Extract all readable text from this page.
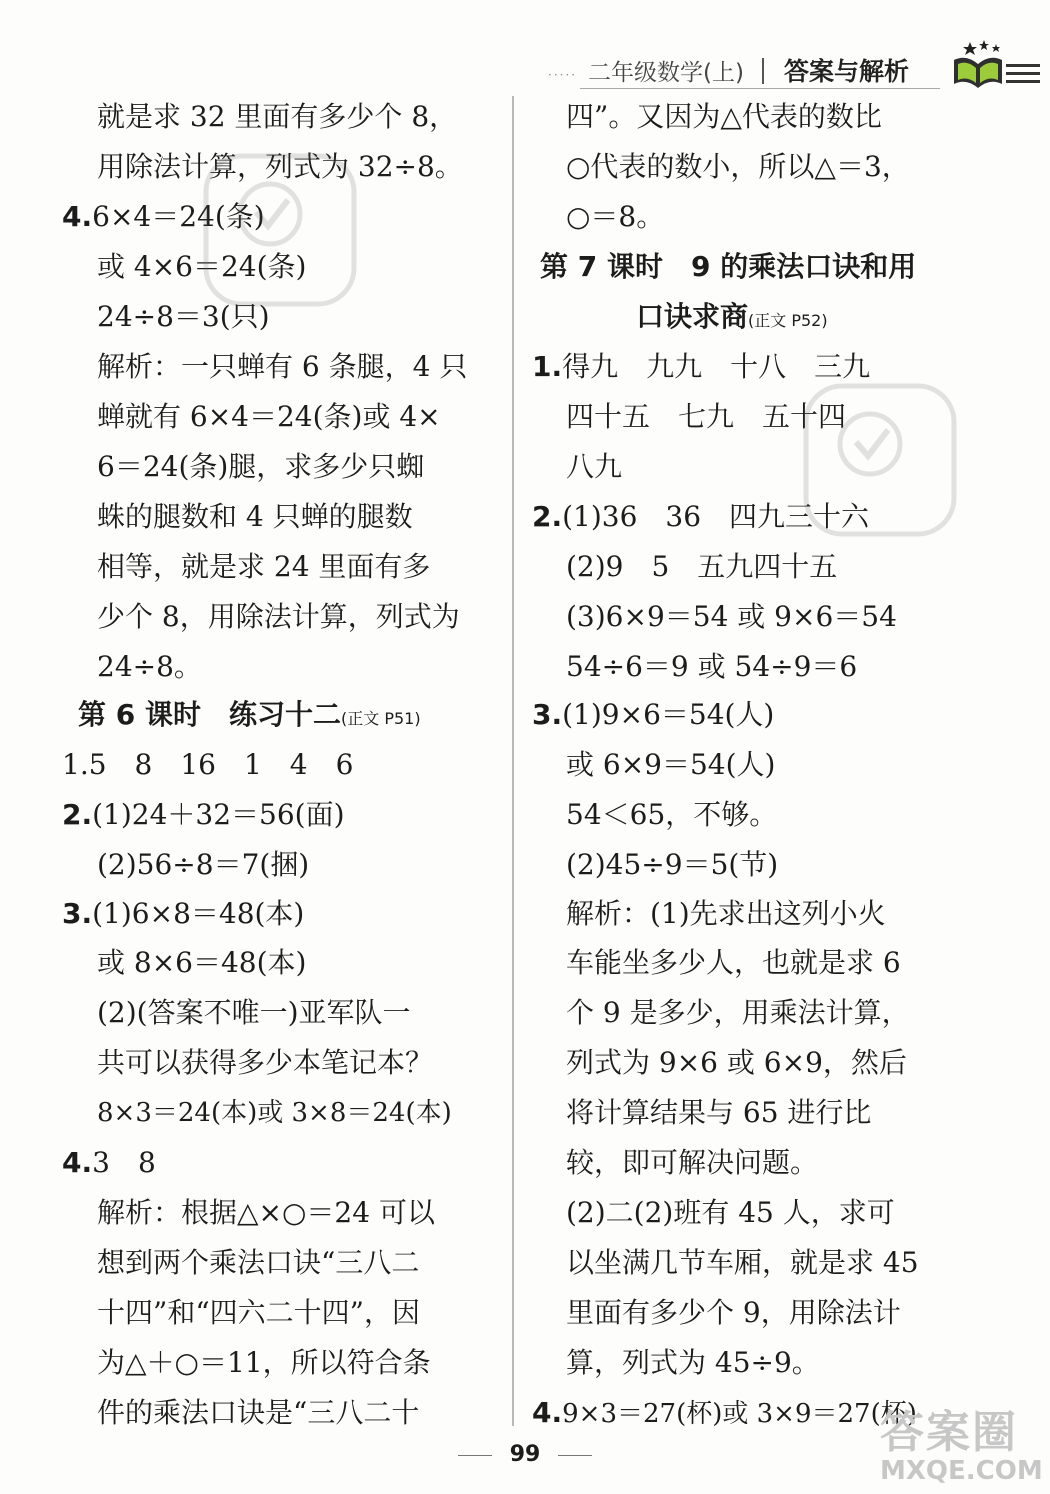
····· 二年级数学(上) 答案与解析
就是求 32 里面有多少个 8，
用除法计算，列式为 32÷8。
4.6×4＝24(条)
或 4×6＝24(条)
24÷8＝3(只)
解析：一只蝉有 6 条腿，4 只
蝉就有 6×4＝24(条)或 4×
6＝24(条)腿，求多少只蜘
蛛的腿数和 4 只蝉的腿数
相等，就是求 24 里面有多
少个 8，用除法计算，列式为
24÷8。
第 6 课时　练习十二(正文 P51)
1.5　8　16　1　4　6
2.(1)24＋32＝56(面)
(2)56÷8＝7(捆)
3.(1)6×8＝48(本)
或 8×6＝48(本)
(2)(答案不唯一)亚军队一
共可以获得多少本笔记本？
8×3＝24(本)或 3×8＝24(本)
4.3　8
解析：根据△×○＝24 可以
想到两个乘法口诀“三八二
十四”和“四六二十四”，因
为△＋○＝11，所以符合条
件的乘法口诀是“三八二十
四”。又因为△代表的数比
○代表的数小，所以△＝3，
○＝8。
第 7 课时　9 的乘法口诀和用
口诀求商(正文 P52)
1.得九　九九　十八　三九
四十五　七九　五十四
八九
2.(1)36　36　四九三十六
(2)9　5　五九四十五
(3)6×9＝54 或 9×6＝54
54÷6＝9 或 54÷9＝6
3.(1)9×6＝54(人)
或 6×9＝54(人)
54＜65，不够。
(2)45÷9＝5(节)
解析：(1)先求出这列小火
车能坐多少人，也就是求 6
个 9 是多少，用乘法计算，
列式为 9×6 或 6×9，然后
将计算结果与 65 进行比
较，即可解决问题。
(2)二(2)班有 45 人，求可
以坐满几节车厢，就是求 45
里面有多少个 9，用除法计
算，列式为 45÷9。
4.9×3＝27(杯)或 3×9＝27(杯)
99	答案圈
MXQE.COM
